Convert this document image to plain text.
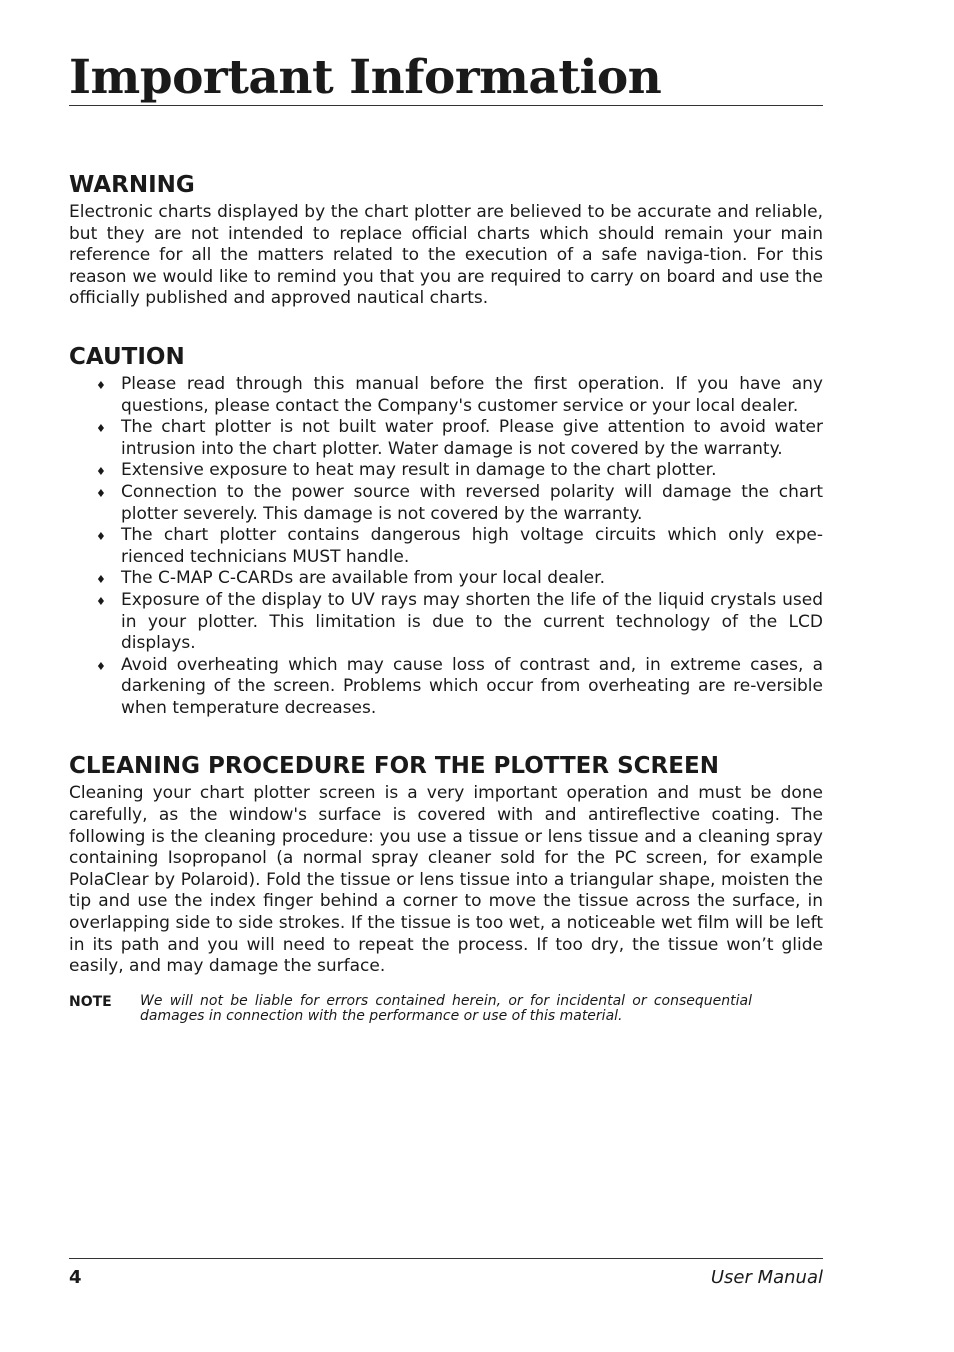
Important Information
WARNING

Electronic charts displayed by the chart plotter are believed to be accurate and reliable, but they are not intended to replace official charts which should remain your main reference for all the matters related to the execution of a safe naviga-tion. For this reason we would like to remind you that you are required to carry on board and use the officially published and approved nautical charts.

CAUTION
♦ Please read through this manual before the first operation. If you have any questions, please contact the Company's customer service or your local dealer.
♦ The chart plotter is not built water proof. Please give attention to avoid water intrusion into the chart plotter. Water damage is not covered by the warranty.
♦ Extensive exposure to heat may result in damage to the chart plotter.
♦ Connection to the power source with reversed polarity will damage the chart plotter severely. This damage is not covered by the warranty.
♦ The chart plotter contains dangerous high voltage circuits which only expe-rienced technicians MUST handle.
♦ The C-MAP C-CARDs are available from your local dealer.
♦ Exposure of the display to UV rays may shorten the life of the liquid crystals used in your plotter. This limitation is due to the current technology of the LCD displays.
♦ Avoid overheating which may cause loss of contrast and, in extreme cases, a darkening of the screen. Problems which occur from overheating are re-versible when temperature decreases.
CLEANING PROCEDURE FOR THE PLOTTER SCREEN

Cleaning your chart plotter screen is a very important operation and must be done carefully, as the window's surface is covered with and antireflective coating. The following is the cleaning procedure: you use a tissue or lens tissue and a cleaning spray containing Isopropanol (a normal spray cleaner sold for the PC screen, for example PolaClear by Polaroid). Fold the tissue or lens tissue into a triangular shape, moisten the tip and use the index finger behind a corner to move the tissue across the surface, in overlapping side to side strokes. If the tissue is too wet, a noticeable wet film will be left in its path and you will need to repeat the process. If too dry, the tissue won’t glide easily, and may damage the surface.

NOTE We will not be liable for errors contained herein, or for incidental or consequential damages in connection with the performance or use of this material.
4	User Manual
